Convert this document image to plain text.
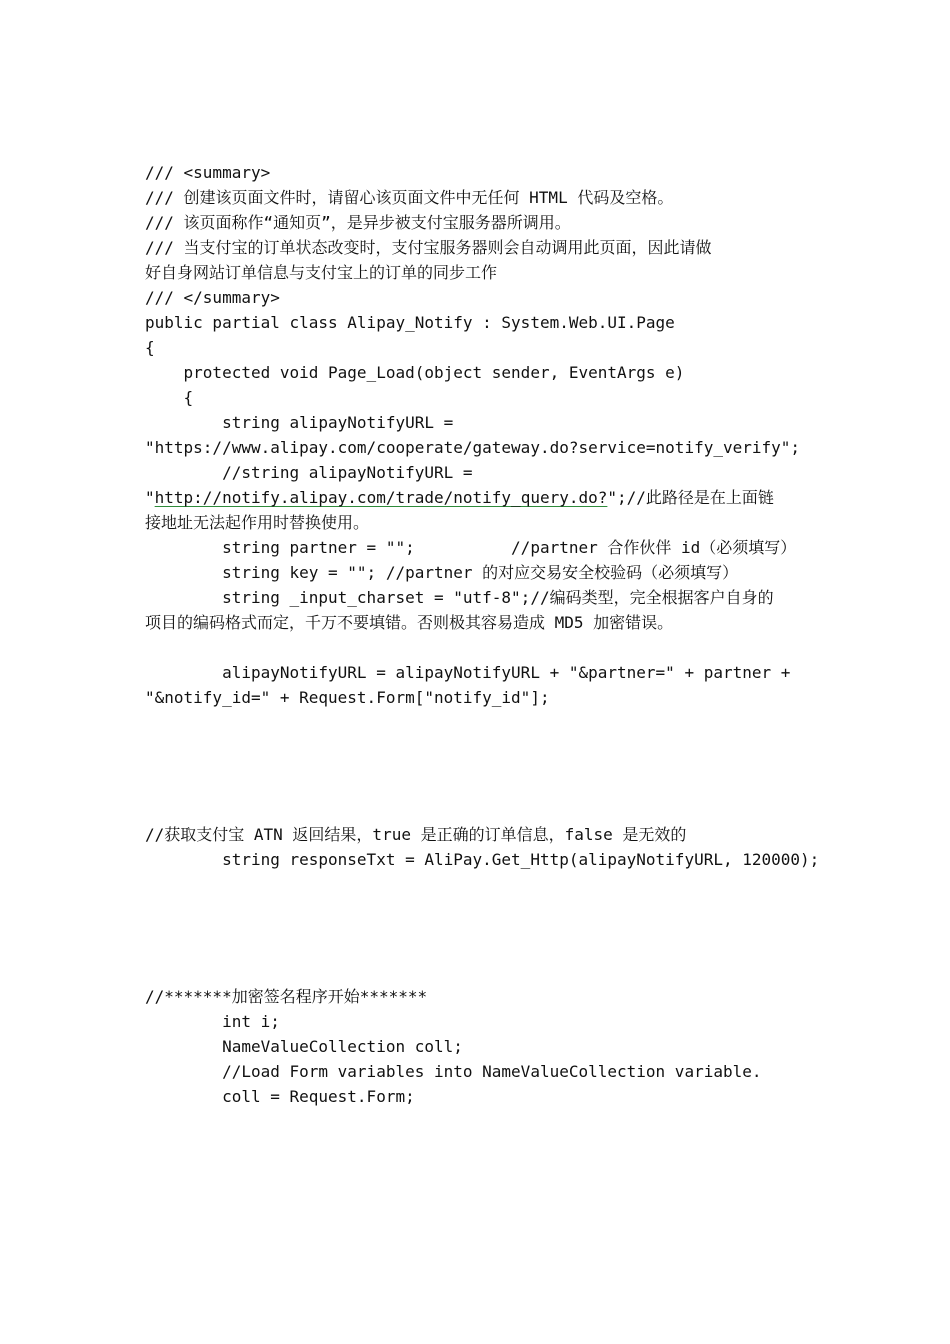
/// <summary>
/// 创建该页面文件时，请留心该页面文件中无任何 HTML 代码及空格。
/// 该页面称作“通知页”，是异步被支付宝服务器所调用。
/// 当支付宝的订单状态改变时，支付宝服务器则会自动调用此页面，因此请做
好自身网站订单信息与支付宝上的订单的同步工作
/// </summary>
public partial class Alipay_Notify : System.Web.UI.Page
{
protected void Page_Load(object sender, EventArgs e)
{
string alipayNotifyURL =
"https://www.alipay.com/cooperate/gateway.do?service=notify_verify";
//string alipayNotifyURL =
"http://notify.alipay.com/trade/notify_query.do?";//此路径是在上面链
接地址无法起作用时替换使用。
string partner = "";          //partner 合作伙伴 id（必须填写）
string key = ""; //partner 的对应交易安全校验码（必须填写）
string _input_charset = "utf-8";//编码类型，完全根据客户自身的
项目的编码格式而定，千万不要填错。否则极其容易造成 MD5 加密错误。
alipayNotifyURL = alipayNotifyURL + "&partner=" + partner +
"&notify_id=" + Request.Form["notify_id"];
//获取支付宝 ATN 返回结果，true 是正确的订单信息，false 是无效的
string responseTxt = AliPay.Get_Http(alipayNotifyURL, 120000);
//*******加密签名程序开始*******
int i;
NameValueCollection coll;
//Load Form variables into NameValueCollection variable.
coll = Request.Form;
